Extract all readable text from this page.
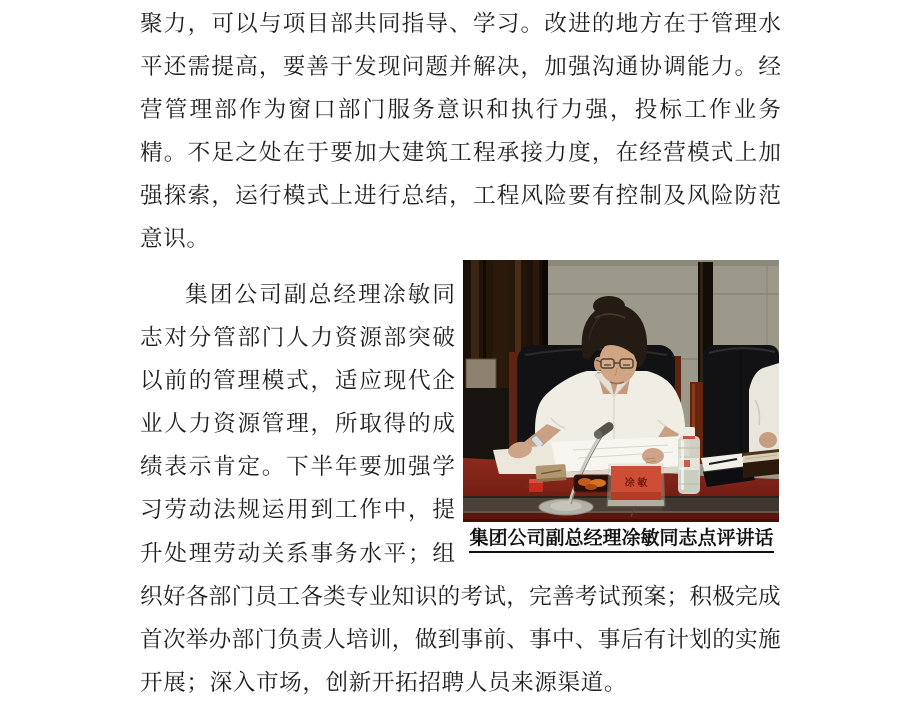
聚 力 ， 可 以 与 项 目 部 共 同 指 导 、 学 习 。 改 进 的 地 方 在 于 管 理 水
平 还 需 提 高 ， 要 善 于 发 现 问 题 并 解 决 ， 加 强 沟 通 协 调 能 力 。 经
营 管 理 部 作 为 窗 口 部 门 服 务 意 识 和 执 行 力 强 ， 投 标 工 作 业 务
精 。 不 足 之 处 在 于 要 加 大 建 筑 工 程 承 接 力 度 ， 在 经 营 模 式 上 加
强 探 索 ， 运 行 模 式 上 进 行 总 结 ， 工 程 风 险 要 有 控 制 及 风 险 防 范
意识。
集 团 公 司 副 总 经 理 凃 敏 同
志 对 分 管 部 门 人 力 资 源 部 突 破
以 前 的 管 理 模 式 ， 适 应 现 代 企
业 人 力 资 源 管 理 ， 所 取 得 的 成
绩 表 示 肯 定 。 下 半 年 要 加 强 学
习 劳 动 法 规 运 用 到 工 作 中 ， 提
升 处 理 劳 动 关 系 事 务 水 平 ； 组
织 好 各 部 门 员 工 各 类 专 业 知 识 的 考 试 ， 完 善 考 试 预 案 ； 积 极 完 成
首 次 举 办 部 门 负 责 人 培 训 ， 做 到 事 前 、 事 中 、 事 后 有 计 划 的 实 施
开展；深入市场，创新开拓招聘人员来源渠道。
凃 敏
集团公司副总经理凃敏同志点评讲话
